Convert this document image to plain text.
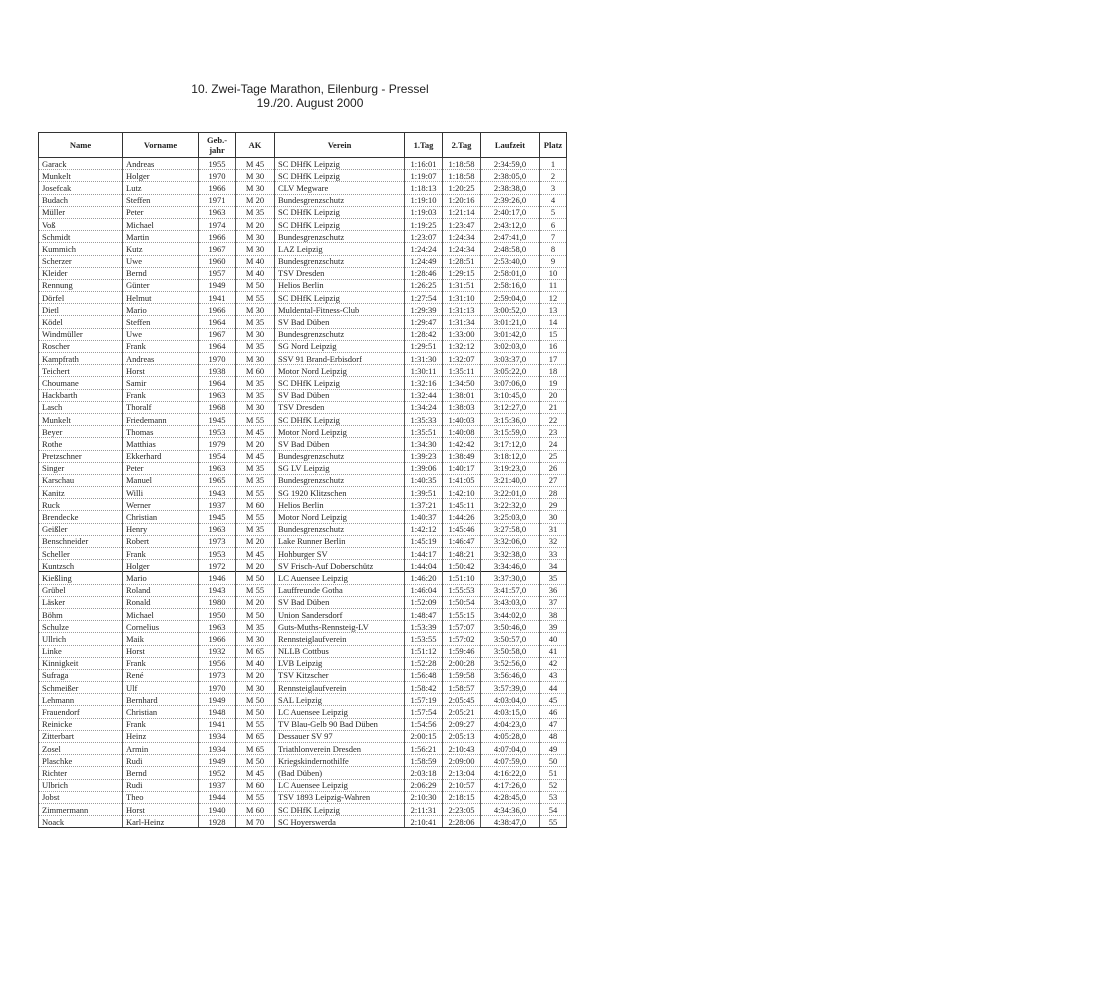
10. Zwei-Tage Marathon, Eilenburg - Pressel
19./20. August 2000
Name	Vorname	Geb.-jahr	AK	Verein	1.Tag	2.Tag	Laufzeit	Platz
Garack	Andreas	1955	M 45	SC DHfK Leipzig	1:16:01	1:18:58	2:34:59,0	1
Munkelt	Holger	1970	M 30	SC DHfK Leipzig	1:19:07	1:18:58	2:38:05,0	2
Josefcak	Lutz	1966	M 30	CLV Megware	1:18:13	1:20:25	2:38:38,0	3
Budach	Steffen	1971	M 20	Bundesgrenzschutz	1:19:10	1:20:16	2:39:26,0	4
Müller	Peter	1963	M 35	SC DHfK Leipzig	1:19:03	1:21:14	2:40:17,0	5
Voß	Michael	1974	M 20	SC DHfK Leipzig	1:19:25	1:23:47	2:43:12,0	6
Schmidt	Martin	1966	M 30	Bundesgrenzschutz	1:23:07	1:24:34	2:47:41,0	7
Kummich	Kutz	1967	M 30	LAZ Leipzig	1:24:24	1:24:34	2:48:58,0	8
Scherzer	Uwe	1960	M 40	Bundesgrenzschutz	1:24:49	1:28:51	2:53:40,0	9
Kleider	Bernd	1957	M 40	TSV Dresden	1:28:46	1:29:15	2:58:01,0	10
Rennung	Günter	1949	M 50	Helios Berlin	1:26:25	1:31:51	2:58:16,0	11
Dörfel	Helmut	1941	M 55	SC DHfK Leipzig	1:27:54	1:31:10	2:59:04,0	12
Dietl	Mario	1966	M 30	Muldental-Fitness-Club	1:29:39	1:31:13	3:00:52,0	13
Ködel	Steffen	1964	M 35	SV Bad Düben	1:29:47	1:31:34	3:01:21,0	14
Windmüller	Uwe	1967	M 30	Bundesgrenzschutz	1:28:42	1:33:00	3:01:42,0	15
Roscher	Frank	1964	M 35	SG Nord Leipzig	1:29:51	1:32:12	3:02:03,0	16
Kampfrath	Andreas	1970	M 30	SSV 91 Brand-Erbisdorf	1:31:30	1:32:07	3:03:37,0	17
Teichert	Horst	1938	M 60	Motor Nord Leipzig	1:30:11	1:35:11	3:05:22,0	18
Choumane	Samir	1964	M 35	SC DHfK Leipzig	1:32:16	1:34:50	3:07:06,0	19
Hackbarth	Frank	1963	M 35	SV Bad Düben	1:32:44	1:38:01	3:10:45,0	20
Lasch	Thoralf	1968	M 30	TSV Dresden	1:34:24	1:38:03	3:12:27,0	21
Munkelt	Friedemann	1945	M 55	SC DHfK Leipzig	1:35:33	1:40:03	3:15:36,0	22
Beyer	Thomas	1953	M 45	Motor Nord Leipzig	1:35:51	1:40:08	3:15:59,0	23
Rothe	Matthias	1979	M 20	SV Bad Düben	1:34:30	1:42:42	3:17:12,0	24
Pretzschner	Ekkerhard	1954	M 45	Bundesgrenzschutz	1:39:23	1:38:49	3:18:12,0	25
Singer	Peter	1963	M 35	SG LV Leipzig	1:39:06	1:40:17	3:19:23,0	26
Karschau	Manuel	1965	M 35	Bundesgrenzschutz	1:40:35	1:41:05	3:21:40,0	27
Kanitz	Willi	1943	M 55	SG 1920 Klitzschen	1:39:51	1:42:10	3:22:01,0	28
Ruck	Werner	1937	M 60	Helios Berlin	1:37:21	1:45:11	3:22:32,0	29
Brendecke	Christian	1945	M 55	Motor Nord Leipzig	1:40:37	1:44:26	3:25:03,0	30
Geißler	Henry	1963	M 35	Bundesgrenzschutz	1:42:12	1:45:46	3:27:58,0	31
Benschneider	Robert	1973	M 20	Lake Runner Berlin	1:45:19	1:46:47	3:32:06,0	32
Scheller	Frank	1953	M 45	Hohburger SV	1:44:17	1:48:21	3:32:38,0	33
Kuntzsch	Holger	1972	M 20	SV Frisch-Auf Doberschütz	1:44:04	1:50:42	3:34:46,0	34
Kießling	Mario	1946	M 50	LC Auensee Leipzig	1:46:20	1:51:10	3:37:30,0	35
Grübel	Roland	1943	M 55	Lauffreunde Gotha	1:46:04	1:55:53	3:41:57,0	36
Läsker	Ronald	1980	M 20	SV Bad Düben	1:52:09	1:50:54	3:43:03,0	37
Böhm	Michael	1950	M 50	Union Sandersdorf	1:48:47	1:55:15	3:44:02,0	38
Schulze	Cornelius	1963	M 35	Guts-Muths-Rennsteig-LV	1:53:39	1:57:07	3:50:46,0	39
Ullrich	Maik	1966	M 30	Rennsteiglaufverein	1:53:55	1:57:02	3:50:57,0	40
Linke	Horst	1932	M 65	NLLB Cottbus	1:51:12	1:59:46	3:50:58,0	41
Kinnigkeit	Frank	1956	M 40	LVB Leipzig	1:52:28	2:00:28	3:52:56,0	42
Sufraga	René	1973	M 20	TSV Kitzscher	1:56:48	1:59:58	3:56:46,0	43
Schmeißer	Ulf	1970	M 30	Rennsteiglaufverein	1:58:42	1:58:57	3:57:39,0	44
Lehmann	Bernhard	1949	M 50	SAL Leipzig	1:57:19	2:05:45	4:03:04,0	45
Frauendorf	Christian	1948	M 50	LC Auensee Leipzig	1:57:54	2:05:21	4:03:15,0	46
Reinicke	Frank	1941	M 55	TV Blau-Gelb 90 Bad Düben	1:54:56	2:09:27	4:04:23,0	47
Zitterbart	Heinz	1934	M 65	Dessauer SV 97	2:00:15	2:05:13	4:05:28,0	48
Zosel	Armin	1934	M 65	Triathlonverein Dresden	1:56:21	2:10:43	4:07:04,0	49
Plaschke	Rudi	1949	M 50	Kriegskindernothilfe	1:58:59	2:09:00	4:07:59,0	50
Richter	Bernd	1952	M 45	(Bad Düben)	2:03:18	2:13:04	4:16:22,0	51
Ulbrich	Rudi	1937	M 60	LC Auensee Leipzig	2:06:29	2:10:57	4:17:26,0	52
Jobst	Theo	1944	M 55	TSV 1893 Leipzig-Wahren	2:10:30	2:18:15	4:28:45,0	53
Zimmermann	Horst	1940	M 60	SC DHfK Leipzig	2:11:31	2:23:05	4:34:36,0	54
Noack	Karl-Heinz	1928	M 70	SC Hoyerswerda	2:10:41	2:28:06	4:38:47,0	55
